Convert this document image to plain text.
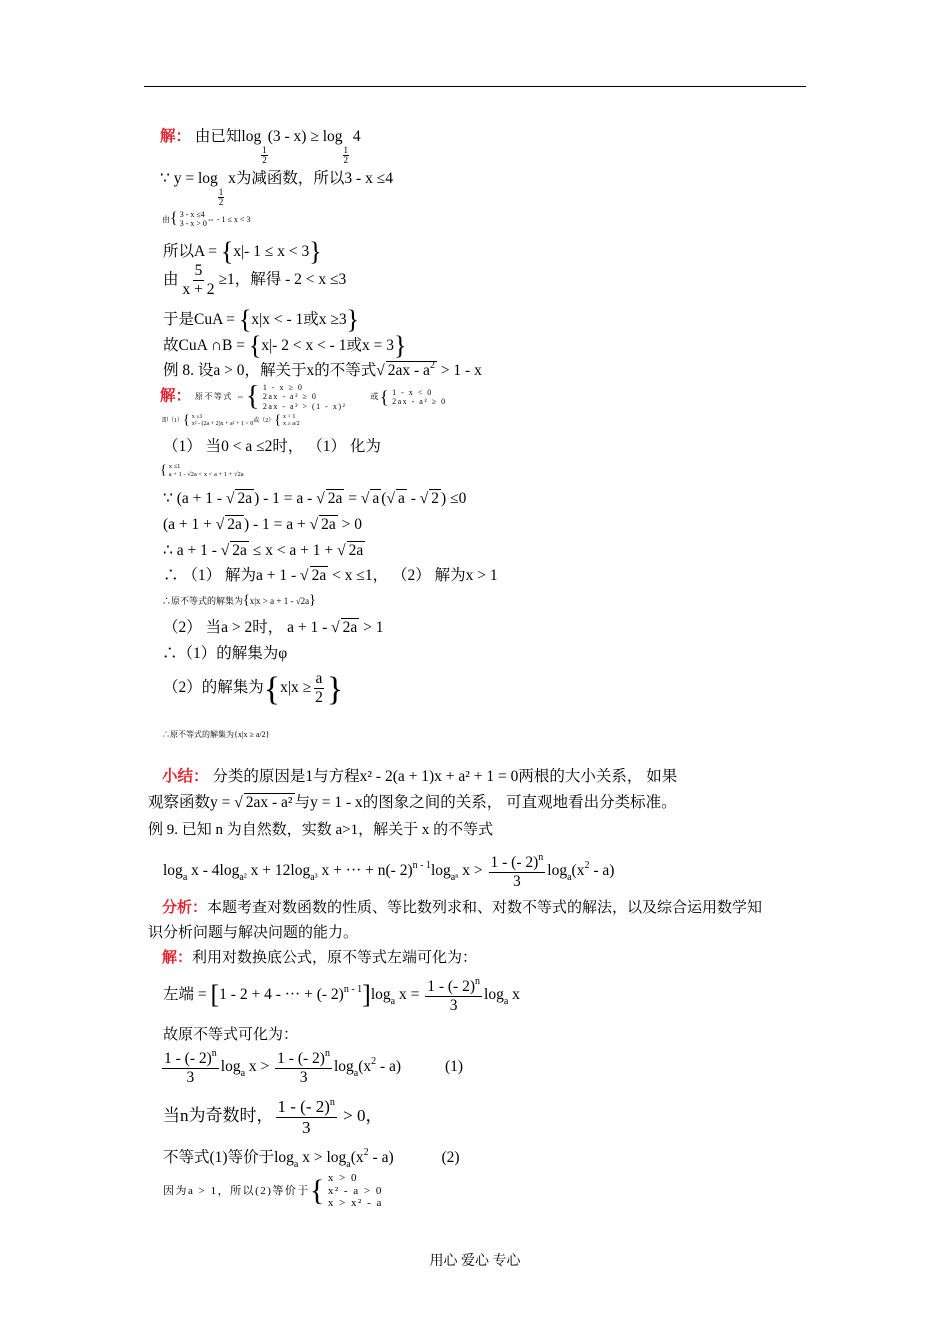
解： 由已知log
$\frac{1}{2}$
(3 - x) ≥ log
$\frac{1}{2}$
4
∵ y = log
$\frac{1}{2}$
x为减函数，所以3 - x ≤4
由 { 3 - x ≤4
3 - x > 0
⇔ - 1 ≤ x < 3
所以A = {x|- 1 ≤ x < 3}
由 $\frac{5}{x + 2} \ge 1$，解得 - 2 < x ≤3
于是CuA = {x|x < - 1或x ≥3}
故CuA ∩B = {x|- 2 < x < - 1或x = 3}
例 8. 设a > 0，解关于x的不等式 √ $2ax - a^2 > 1 - x$
解： 原不等式 ⇔ { 1 - x ≥ 0
2ax - a² ≥ 0
2ax - a² > (1 - x)²
或 { 1 - x < 0
2ax - a² ≥ 0
即（1） { x ≤1
x² - (2a + 2)x + a² + 1 < 0
或（2） { x > 1
x ≥ a/2
（1） 当0 < a ≤2时， （1） 化为
{ x ≤1
a + 1 - √2a < x < a + 1 + √2a
∵ (a + 1 - √ 2a ) - 1 = a - √ 2a = √ a ( √ a - √ 2 ) ≤0
(a + 1 + √ 2a ) - 1 = a + √ 2a > 0
∴ a + 1 - √ 2a ≤ x < a + 1 + √ 2a
∴ （1） 解为a + 1 - √ 2a < x ≤1， （2） 解为x > 1
∴原不等式的解集为{x|x > a + 1 - √2a}
（2） 当a > 2时， a + 1 - √ 2a > 1
∴（1）的解集为φ
（2）的解集为{$x|x \ge \frac{a}{2}$ }
∴原不等式的解集为{x|x ≥ a/2}
小结： 分类的原因是1与方程x² - 2(a + 1)x + a² + 1 = 0两根的大小关系， 如果
观察函数y = √ 2ax - a² 与y = 1 - x的图象之间的关系， 可直观地看出分类标准。
例 9. 已知 n 为自然数，实数 a>1，解关于 x 的不等式
$\log_a x - 4\log_{a^2}$ $x + 12\log_{a^3}$ x + ··· + n(- $2)^{n - 1}\log_{a^n}$ $x > \frac{1 - (- 2)^n}{3} \log_a(x^2 - a)$
分析：本题考查对数函数的性质、等比数列求和、对数不等式的解法，以及综合运用数学知
识分析问题与解决问题的能力。
解：利用对数换底公式，原不等式左端可化为：
左端 = [1 - 2 + 4 - ··· + (- $2)^{n - 1}]\log_a$ $x = \frac{1 - (- 2)^n}{3} \log_a x$
故原不等式可化为：
$\frac{1 - (- 2)^n}{3} \log_a x > \frac{1 - (- 2)^n}{3} \log_a(x^2 - a)$	(1)
当n为奇数时， $\frac{1 - (- 2)^n}{3} > 0$，
不等式(1)等价于$\log_a x > \log_a(x^2 - a)$	(2)
因为a > 1，所以(2)等价于 { x > 0
x² - a > 0
x > x² - a
用心 爱心 专心
